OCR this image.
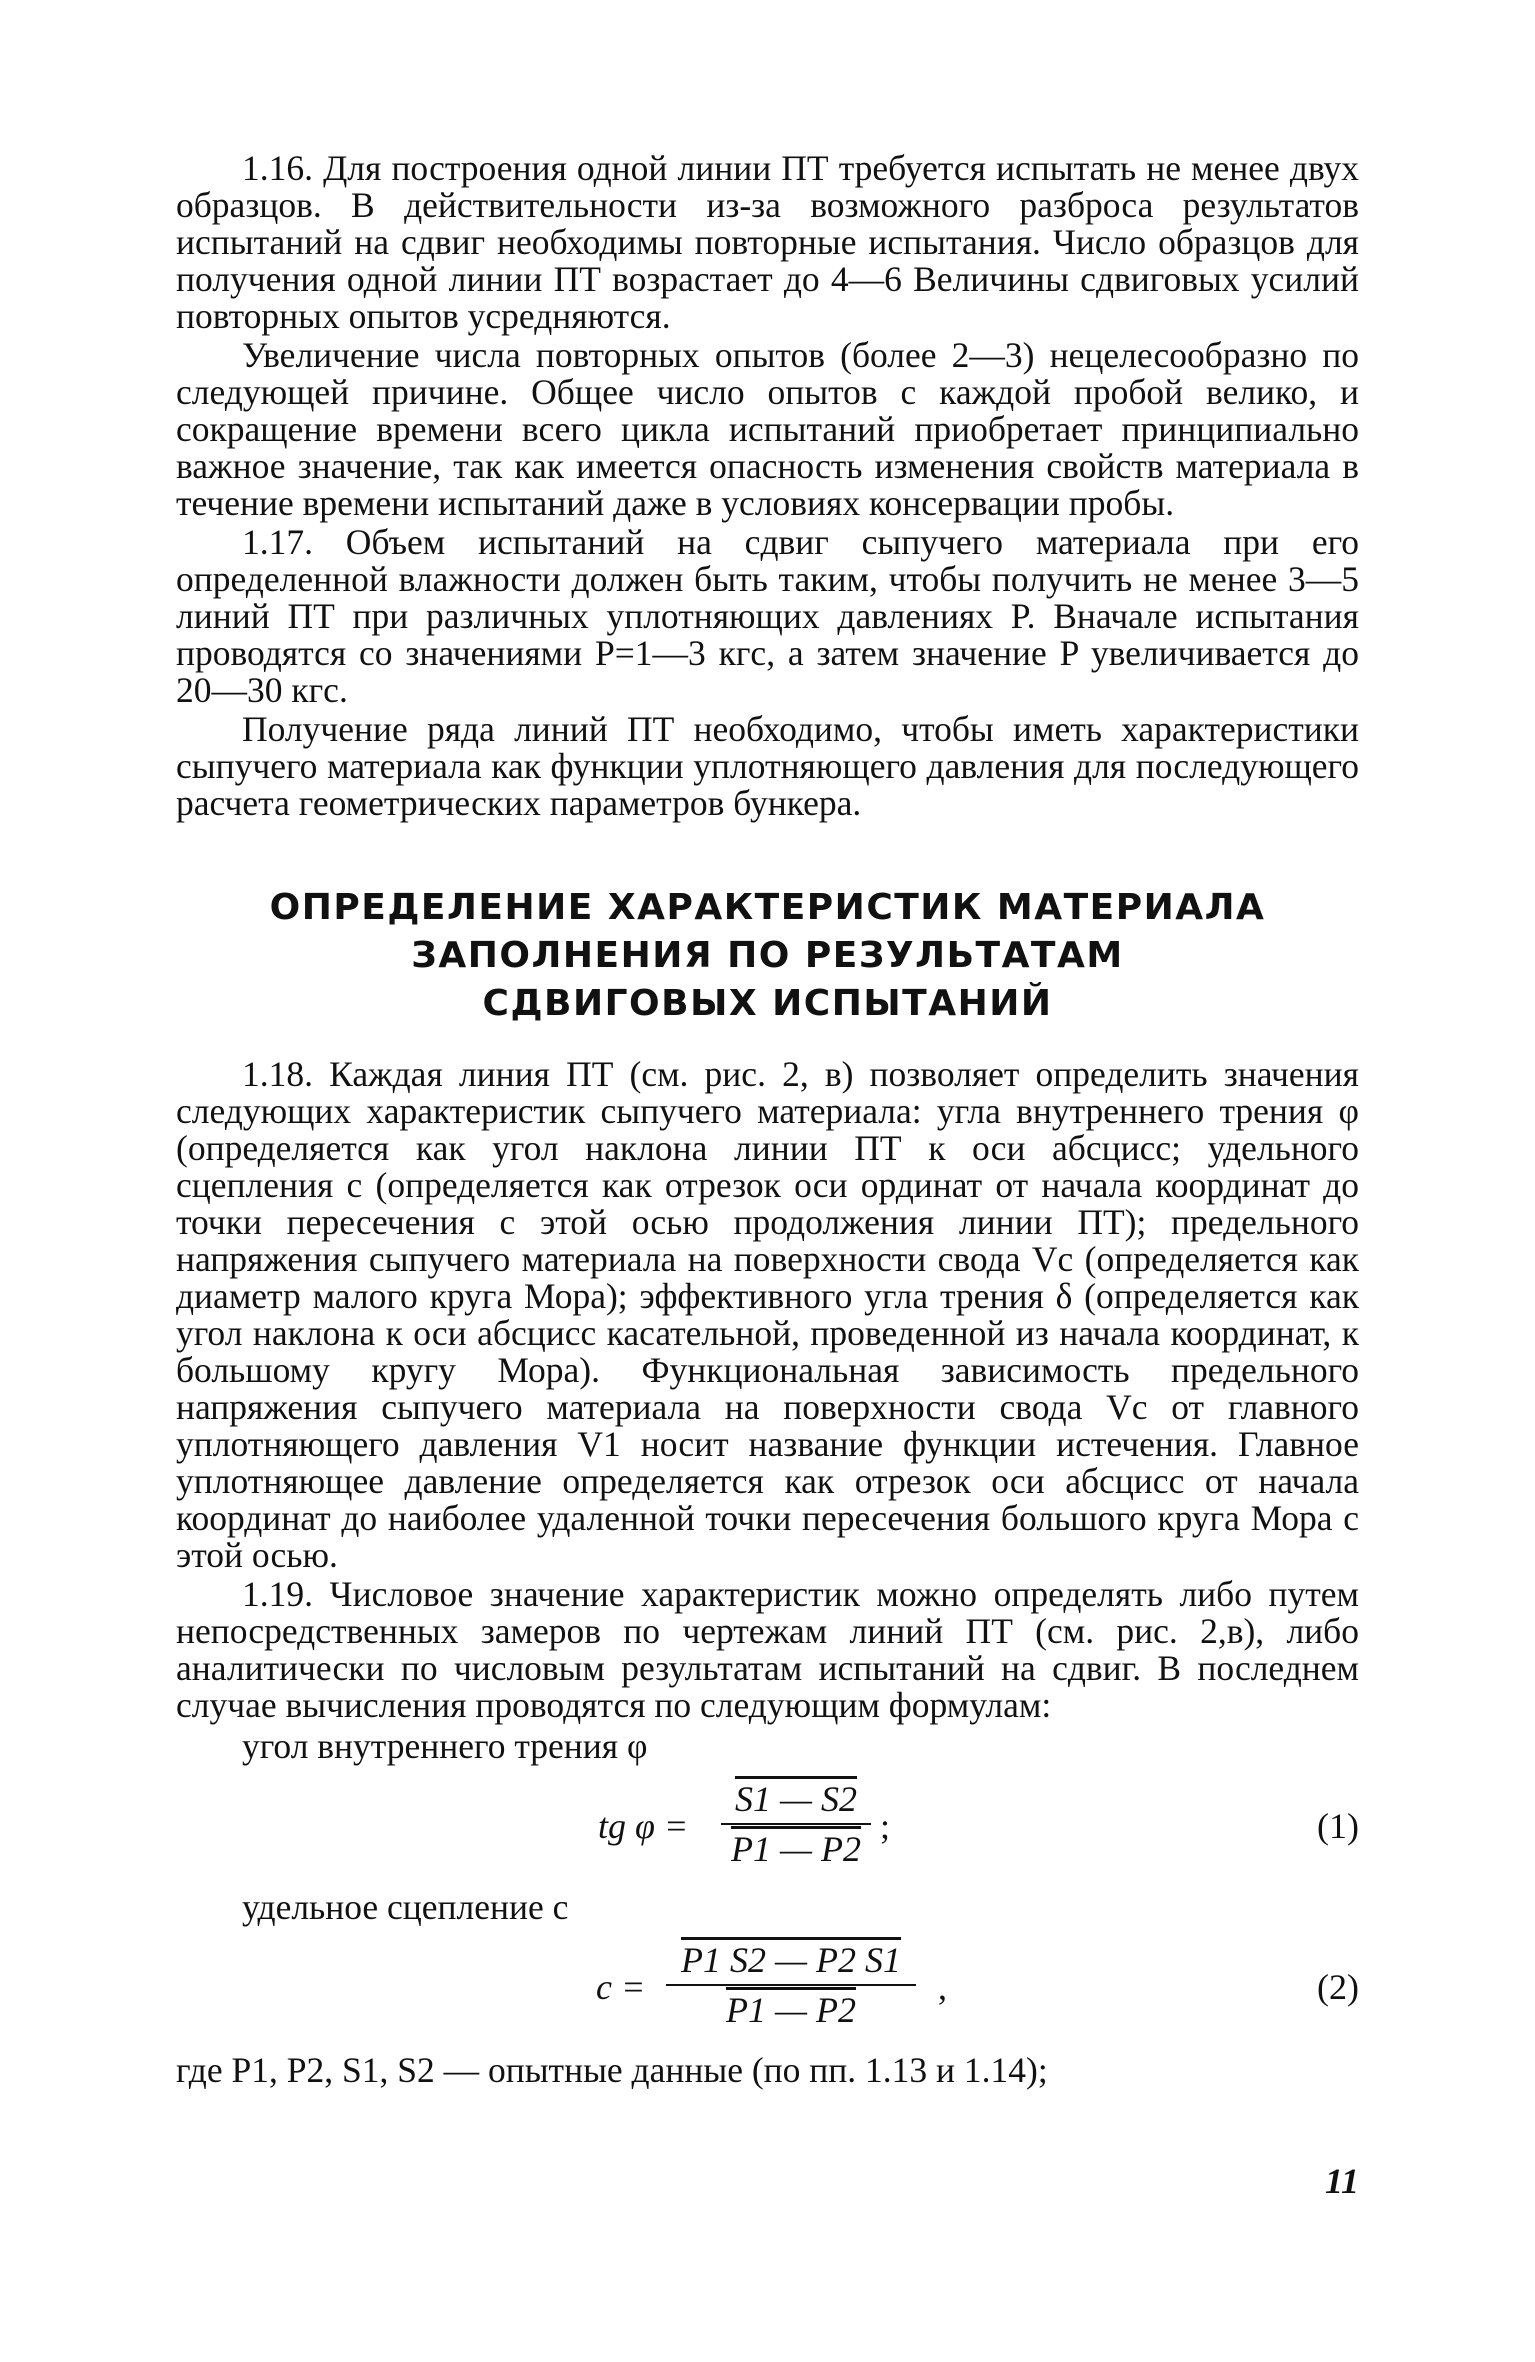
1.16. Для построения одной линии ПТ требуется испытать не менее двух образцов. В действительности из-за возможного разброса результатов испытаний на сдвиг необходимы повторные испытания. Число образцов для получения одной линии ПТ возрастает до 4—6 Величины сдвиговых усилий повторных опытов усредняются.

Увеличение числа повторных опытов (более 2—3) нецелесообразно по следующей причине. Общее число опытов с каждой пробой велико, и сокращение времени всего цикла испытаний приобретает принципиально важное значение, так как имеется опасность изменения свойств материала в течение времени испытаний даже в условиях консервации пробы.

1.17. Объем испытаний на сдвиг сыпучего материала при его определенной влажности должен быть таким, чтобы получить не менее 3—5 линий ПТ при различных уплотняющих давлениях P. Вначале испытания проводятся со значениями P=1—3 кгс, а затем значение P увеличивается до 20—30 кгс.

Получение ряда линий ПТ необходимо, чтобы иметь характеристики сыпучего материала как функции уплотняющего давления для последующего расчета геометрических параметров бункера.

ОПРЕДЕЛЕНИЕ ХАРАКТЕРИСТИК МАТЕРИАЛА
ЗАПОЛНЕНИЯ ПО РЕЗУЛЬТАТАМ
СДВИГОВЫХ ИСПЫТАНИЙ

1.18. Каждая линия ПТ (см. рис. 2, в) позволяет определить значения следующих характеристик сыпучего материала: угла внутреннего трения φ (определяется как угол наклона линии ПТ к оси абсцисс; удельного сцепления c (определяется как отрезок оси ординат от начала координат до точки пересечения с этой осью продолжения линии ПТ); предельного напряжения сыпучего материала на поверхности свода Vc (определяется как диаметр малого круга Мора); эффективного угла трения δ (определяется как угол наклона к оси абсцисс касательной, проведенной из начала координат, к большому кругу Мора). Функциональная зависимость предельного напряжения сыпучего материала на поверхности свода Vc от главного уплотняющего давления V1 носит название функции истечения. Главное уплотняющее давление определяется как отрезок оси абсцисс от начала координат до наиболее удаленной точки пересечения большого круга Мора с этой осью.

1.19. Числовое значение характеристик можно определять либо путем непосредственных замеров по чертежам линий ПТ (см. рис. 2,в), либо аналитически по числовым результатам испытаний на сдвиг. В последнем случае вычисления проводятся по следующим формулам:

угол внутреннего трения φ
tg $\varphi = \frac{S1 — S2}{P1 — P2}$ ;	(1)
удельное сцепление c
$c = \frac{P1 S2 — P2 S1}{P1 — P2}$ ,	(2)

где P1, P2, S1, S2 — опытные данные (по пп. 1.13 и 1.14);

11
